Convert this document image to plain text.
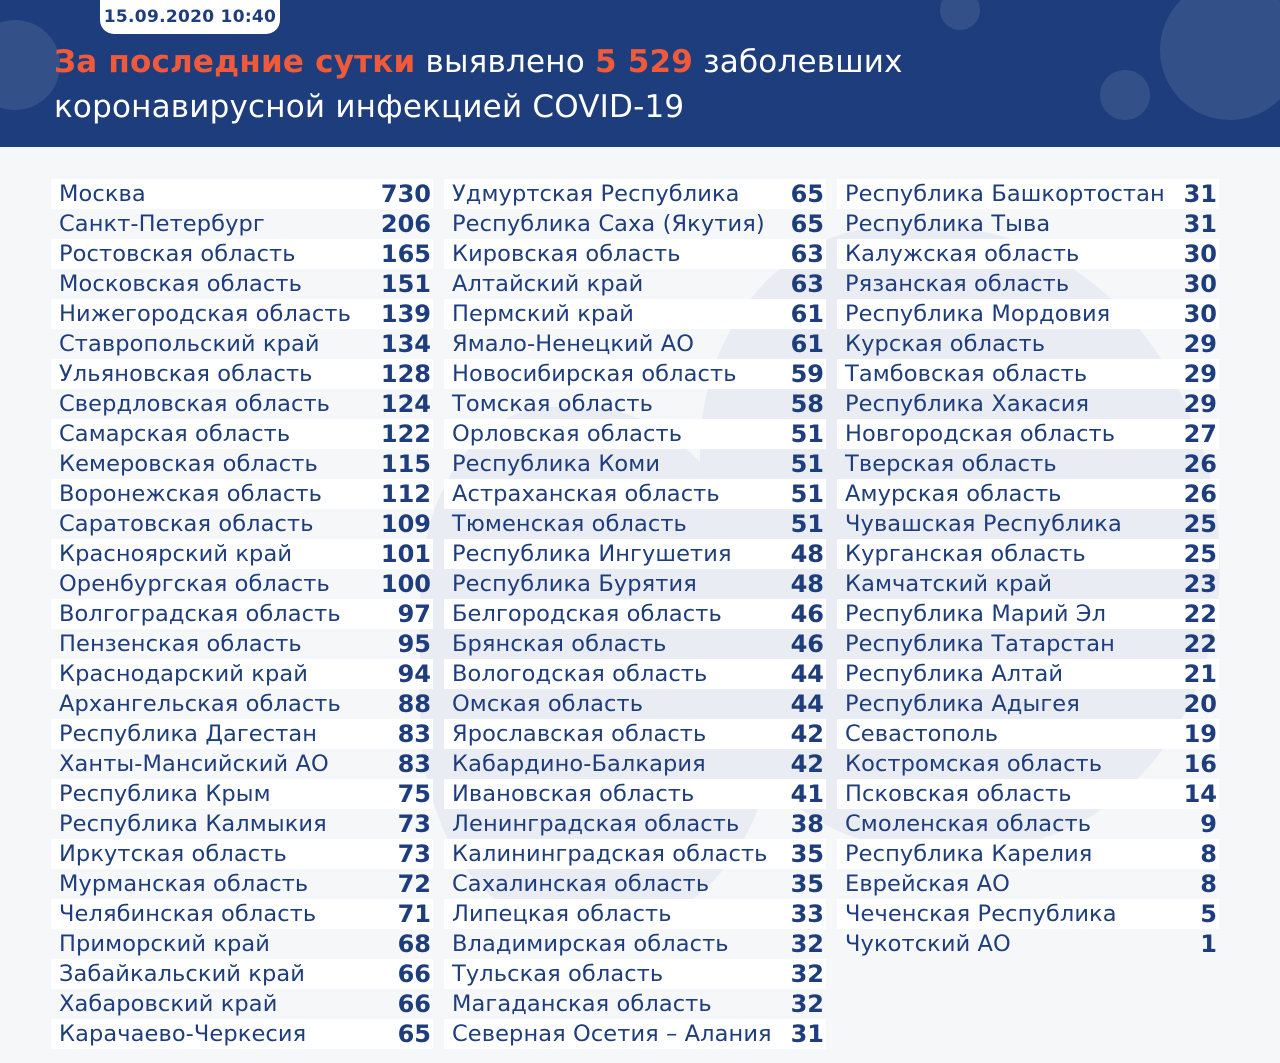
15.09.2020 10:40
За последние сутки выявлено 5 529 заболевших
коронавирусной инфекцией COVID-19
Москва	730
Санкт-Петербург	206
Ростовская область	165
Московская область	151
Нижегородская область 139
Ставропольский край	134
Ульяновская область	128
Свердловская область 124
Самарская область	122
Кемеровская область	115
Воронежская область 112
Саратовская область	109
Красноярский край	101
Оренбургская область 100
Волгоградская область 97
Пензенская область	95
Краснодарский край	94
Архангельская область 88
Республика Дагестан	83
Ханты-Мансийский АО	83
Республика Крым	75
Республика Калмыкия	73
Иркутская область	73
Мурманская область	72
Челябинская область	71
Приморский край	68
Забайкальский край	66
Хабаровский край	66
Карачаево-Черкесия	65
Удмуртская Республика 65
Республика Саха (Якутия) 65
Кировская область	63
Алтайский край	63
Пермский край	61
Ямало-Ненецкий АО	61
Новосибирская область 59
Томская область	58
Орловская область	51
Республика Коми	51
Астраханская область	51
Тюменская область	51
Республика Ингушетия 48
Республика Бурятия	48
Белгородская область	46
Брянская область	46
Вологодская область	44
Омская область	44
Ярославская область	42
Кабардино-Балкария	42
Ивановская область	41
Ленинградская область 38
Калининградская область 35
Сахалинская область	35
Липецкая область	33
Владимирская область	32
Тульская область	32
Магаданская область	32
Северная Осетия – Алания 31
Республика Башкортостан 31
Республика Тыва	31
Калужская область	30
Рязанская область	30
Республика Мордовия	30
Курская область	29
Тамбовская область	29
Республика Хакасия	29
Новгородская область	27
Тверская область	26
Амурская область	26
Чувашская Республика	25
Курганская область	25
Камчатский край	23
Республика Марий Эл	22
Республика Татарстан	22
Республика Алтай	21
Республика Адыгея	20
Севастополь	19
Костромская область	16
Псковская область	14
Смоленская область	9
Республика Карелия	8
Еврейская АО	8
Чеченская Республика	5
Чукотский АО	1
